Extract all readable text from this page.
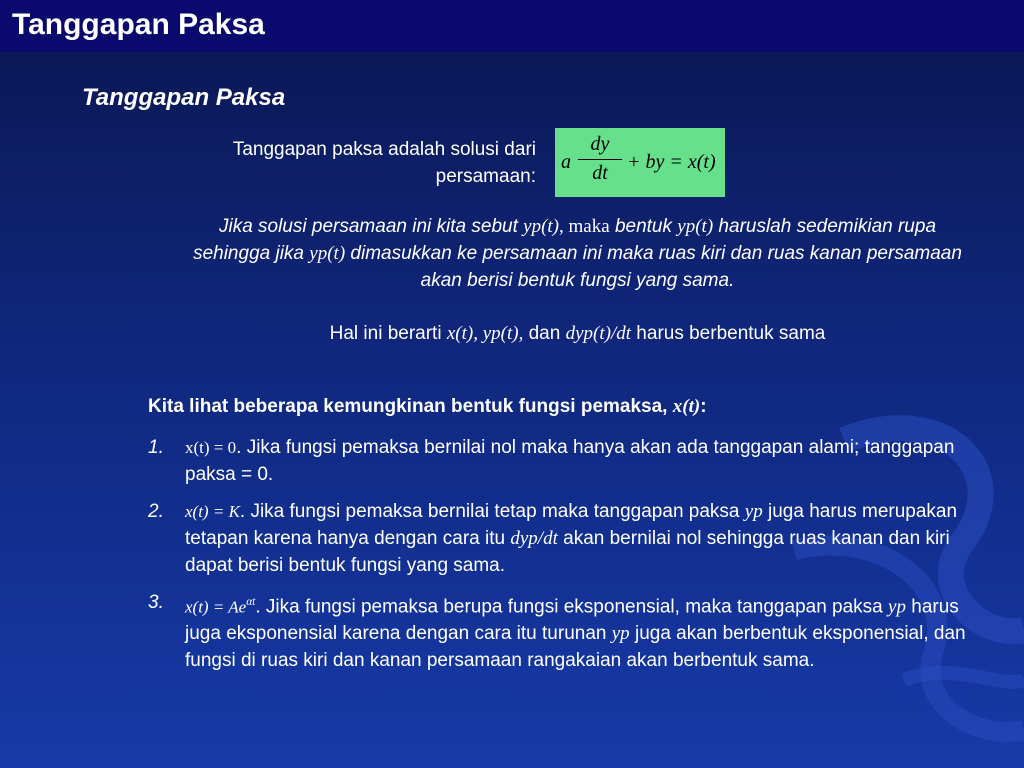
Tanggapan Paksa
Tanggapan Paksa
Tanggapan paksa adalah solusi dari persamaan:
a
dy
dt + by = x(t)
Jika solusi persamaan ini kita sebut yp(t), maka bentuk yp(t) haruslah sedemikian rupa sehingga jika yp(t) dimasukkan ke persamaan ini maka ruas kiri dan ruas kanan persamaan akan berisi bentuk fungsi yang sama.
Hal ini berarti x(t), yp(t), dan dyp(t)/dt harus berbentuk sama
Kita lihat beberapa kemungkinan bentuk fungsi pemaksa, x(t):
1. x(t) = 0. Jika fungsi pemaksa bernilai nol maka hanya akan ada tanggapan alami; tanggapan paksa = 0.
2. x(t) = K. Jika fungsi pemaksa bernilai tetap maka tanggapan paksa yp juga harus merupakan tetapan karena hanya dengan cara itu dyp/dt akan bernilai nol sehingga ruas kanan dan kiri dapat berisi bentuk fungsi yang sama.
3. $x(t) = Ae^{\alpha t}$. Jika fungsi pemaksa berupa fungsi eksponensial, maka tanggapan paksa yp harus juga eksponensial karena dengan cara itu turunan yp juga akan berbentuk eksponensial, dan fungsi di ruas kiri dan kanan persamaan rangakaian akan berbentuk sama.
